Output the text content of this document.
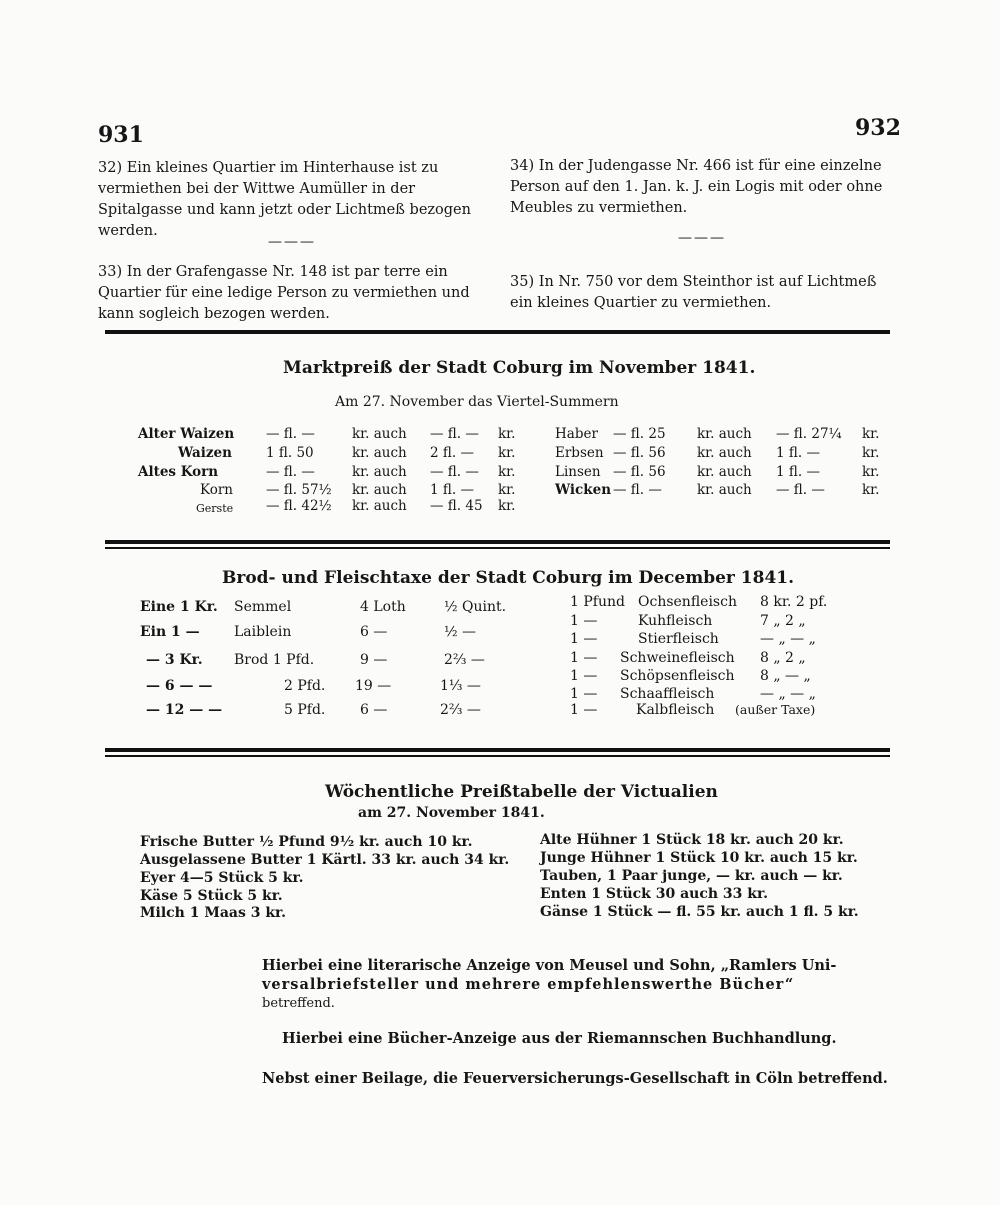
931	932
32) Ein kleines Quartier im Hinterhause ist zu vermiethen bei der Wittwe Aumüller in der Spitalgasse und kann jetzt oder Lichtmeß bezogen werden.
———
33) In der Grafengasse Nr. 148 ist par terre ein Quartier für eine ledige Person zu vermiethen und kann sogleich bezogen werden.
34) In der Judengasse Nr. 466 ist für eine einzelne Person auf den 1. Jan. k. J. ein Logis mit oder ohne Meubles zu vermiethen.
———
35) In Nr. 750 vor dem Steinthor ist auf Lichtmeß ein kleines Quartier zu vermiethen.
Marktpreiß der Stadt Coburg im November 1841.
Am 27. November das Viertel-Summern
Alter Waizen — fl. —	kr. auch — fl. — kr.
Waizen	1 fl. 50	kr. auch 2 fl. — kr.
Altes Korn	— fl. —	kr. auch — fl. — kr.
Korn — fl. 57½ kr. auch 1 fl. — kr.
Gerste — fl. 42½ kr. auch — fl. 45 kr.
Haber — fl. 25 kr. auch — fl. 27¼ kr.
Erbsen — fl. 56 kr. auch 1 fl. —	kr.
Linsen — fl. 56 kr. auch 1 fl. —	kr.
Wicken — fl. —	kr. auch — fl. —	kr.
Brod- und Fleischtaxe der Stadt Coburg im December 1841.
Eine 1 Kr. Semmel	4 Loth	½ Quint.
Ein 1 — Laiblein	6 —	½ —
— 3 Kr. Brod 1 Pfd.	9 —	2⅔ —
— 6 — —	2 Pfd. 19 —	1⅓ —
— 12 — —	5 Pfd. 6 —	2⅔ —
1 Pfund Ochsenfleisch 8 kr. 2 pf.
1 —	Kuhfleisch	7 „ 2 „
1 —	Stierfleisch	— „ — „
1 — Schweinefleisch 8 „ 2 „
1 — Schöpsenfleisch 8 „ — „
1 — Schaaffleisch	— „ — „
1 —	Kalbfleisch (außer Taxe)
Wöchentliche Preißtabelle der Victualien
am 27. November 1841.
Frische Butter ½ Pfund 9½ kr. auch 10 kr.
Ausgelassene Butter 1 Kärtl. 33 kr. auch 34 kr.
Eyer 4—5 Stück 5 kr.
Käse 5 Stück 5 kr.
Milch 1 Maas 3 kr.
Alte Hühner 1 Stück 18 kr. auch 20 kr.
Junge Hühner 1 Stück 10 kr. auch 15 kr.
Tauben, 1 Paar junge, — kr. auch — kr.
Enten 1 Stück 30 auch 33 kr.
Gänse 1 Stück — fl. 55 kr. auch 1 fl. 5 kr.
Hierbei eine literarische Anzeige von Meusel und Sohn, „Ramlers Uni-
versalbriefsteller und mehrere empfehlenswerthe Bücher“
betreffend.
Hierbei eine Bücher-Anzeige aus der Riemannschen Buchhandlung.
Nebst einer Beilage, die Feuerversicherungs-Gesellschaft in Cöln betreffend.
